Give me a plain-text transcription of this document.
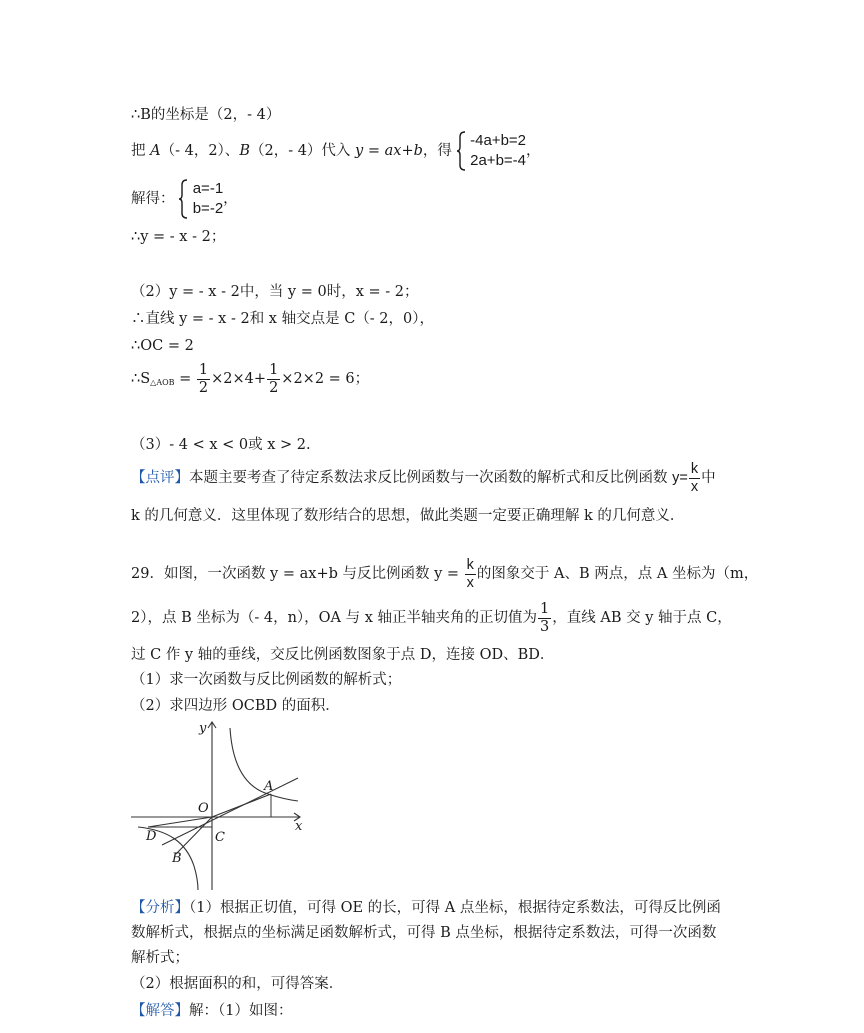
∴B的坐标是（2，- 4）
把 A（- 4，2）、B（2，- 4）代入 y = ax+b，得
-4a+b=2
2a+b=-4
，
解得：
a=-1
b=-2
，
∴y = - x - 2；
（2）y = - x - 2中，当 y = 0时，x = - 2；
∴直线 y = - x - 2和 x 轴交点是 C（- 2，0），
∴OC = 2
$\therefore S_{\triangle AOB} = \frac{1}{2} \times 2\times 4+ \frac{1}{2} \times 2\times 2 = 6$；
（3）- 4 < x < 0或 x > 2.
【点评】本题主要考查了待定系数法求反比例函数与一次函数的解析式和反比例函数 $y= \frac{k}{x}$ 中
k 的几何意义．这里体现了数形结合的思想，做此类题一定要正确理解 k 的几何意义．
29．如图，一次函数 y = ax+b 与反比例函数 $y = \frac{k}{x}$ 的图象交于 A、B 两点，点 A 坐标为（m，
2），点 B 坐标为（- 4，n），OA 与 x 轴正半轴夹角的正切值为 $\frac{1}{3}$ ，直线 AB 交 y 轴于点 C，
过 C 作 y 轴的垂线，交反比例函数图象于点 D，连接 OD、BD．
（1）求一次函数与反比例函数的解析式；
（2）求四边形 OCBD 的面积．
y
x
O
A
D	C
B
【分析】（1）根据正切值，可得 OE 的长，可得 A 点坐标，根据待定系数法，可得反比例函
数解析式，根据点的坐标满足函数解析式，可得 B 点坐标，根据待定系数法，可得一次函数
解析式；
（2）根据面积的和，可得答案．
【解答】解：（1）如图：
